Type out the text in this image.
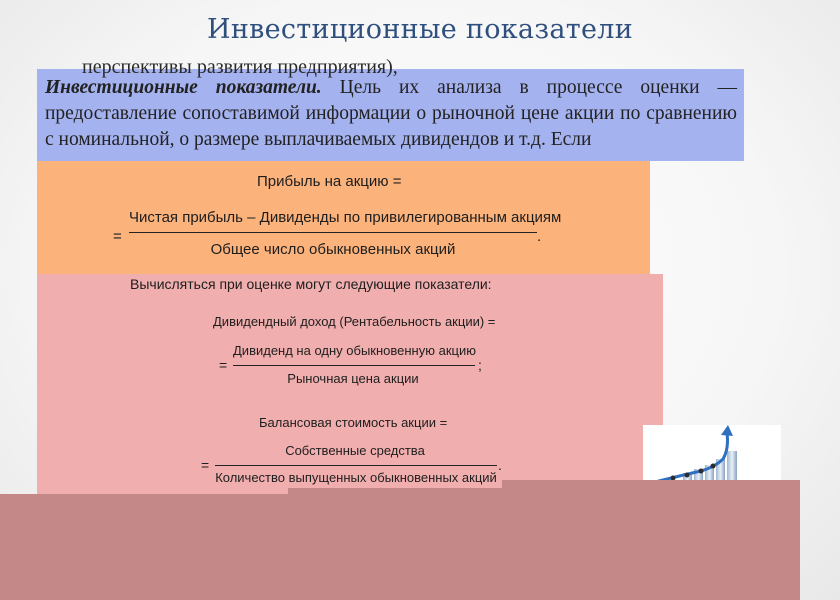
Инвестиционные показатели
перспективы развития предприятия),
Инвестиционные показатели. Цель их анализа в процессе оценки — предоставление сопоставимой информации о рыночной цене акции по сравнению с номинальной, о размере выплачиваемых дивидендов и т.д. Если
Прибыль на акцию =
=
Чистая прибыль – Дивиденды по привилегированным акциям
Общее число обыкновенных акций
.
Вычисляться при оценке могут следующие показатели:
Дивидендный доход (Рентабельность акции) =
=
Дивиденд на одну обыкновенную акцию
Рыночная цена акции
;
Балансовая стоимость акции =
=
Собственные средства
Количество выпущенных обыкновенных акций
.
